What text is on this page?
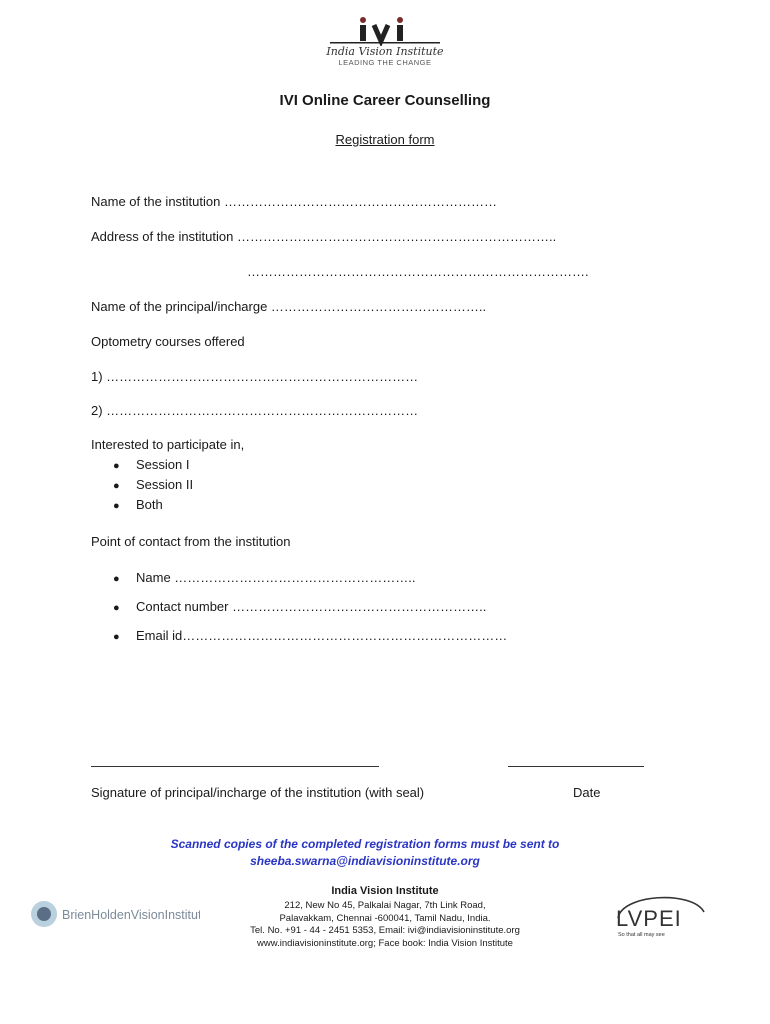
India Vision Institute
LEADING THE CHANGE
IVI Online Career Counselling
Registration form
Name of the institution ………………………………………………………
Address of the institution ………………………………………………………………..
…………………………………………………………………….
Name of the principal/incharge …………………………………………..
Optometry courses offered
1) ………………………………………………………………
2) ………………………………………………………………
Interested to participate in,
● Session I
● Session II
● Both
Point of contact from the institution
● Name ………………………………………………..
● Contact number …………………………………………………..
● Email id…………………………………………………………………
Signature of principal/incharge of the institution (with seal)	Date
Scanned copies of the completed registration forms must be sent to
sheeba.swarna@indiavisioninstitute.org
BrienHoldenVisionInstitute
India Vision Institute
212, New No 45, Palkalai Nagar, 7th Link Road,
Palavakkam, Chennai -600041, Tamil Nadu, India.
Tel. No. +91 - 44 - 2451 5353, Email: ivi@indiavisioninstitute.org
www.indiavisioninstitute.org; Face book: India Vision Institute
LVPEI
So that all may see
